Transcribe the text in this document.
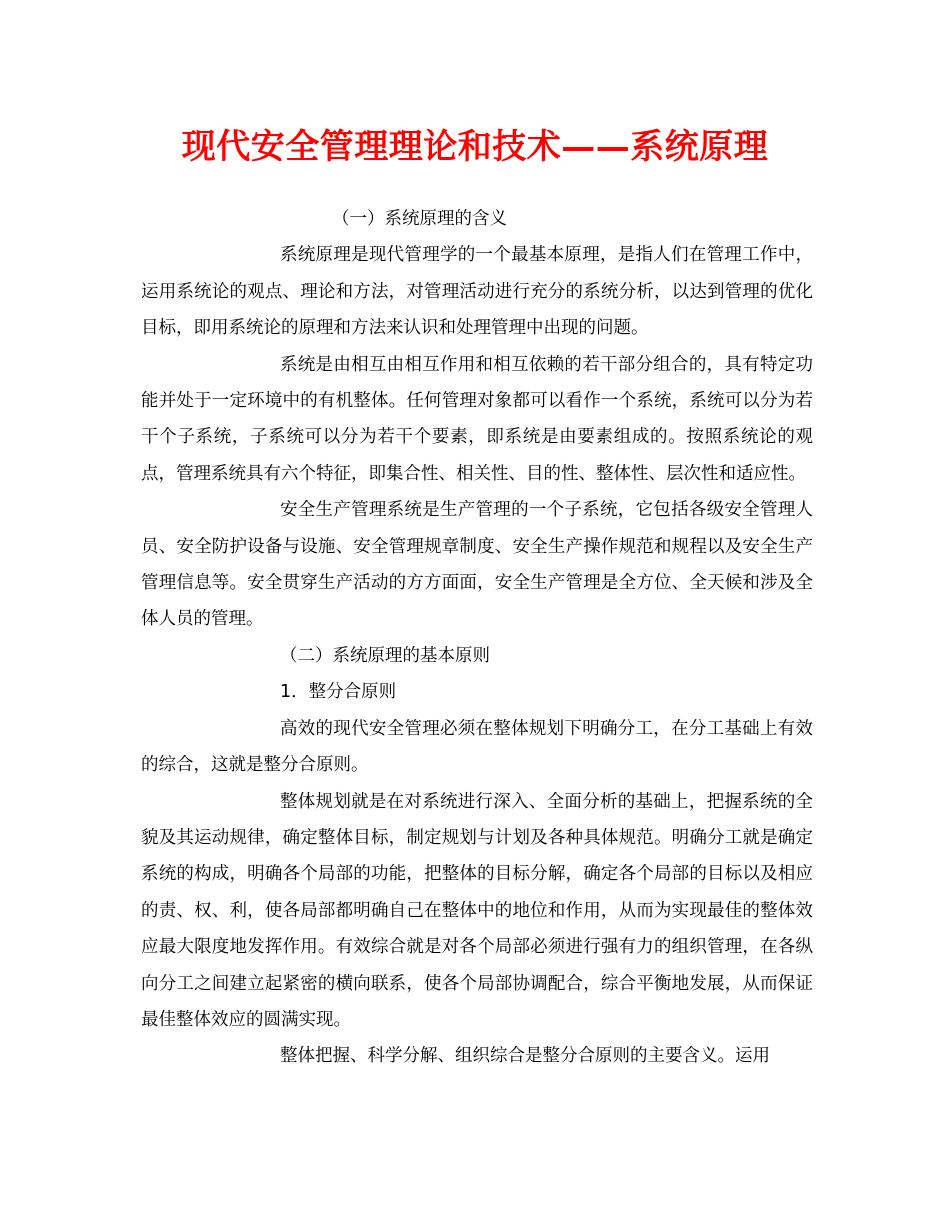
现代安全管理理论和技术——系统原理

（一）系统原理的含义

系统原理是现代管理学的一个最基本原理，是指人们在管理工作中，运用系统论的观点、理论和方法，对管理活动进行充分的系统分析，以达到管理的优化目标，即用系统论的原理和方法来认识和处理管理中出现的问题。

系统是由相互由相互作用和相互依赖的若干部分组合的，具有特定功能并处于一定环境中的有机整体。任何管理对象都可以看作一个系统，系统可以分为若干个子系统，子系统可以分为若干个要素，即系统是由要素组成的。按照系统论的观点，管理系统具有六个特征，即集合性、相关性、目的性、整体性、层次性和适应性。

安全生产管理系统是生产管理的一个子系统，它包括各级安全管理人员、安全防护设备与设施、安全管理规章制度、安全生产操作规范和规程以及安全生产管理信息等。安全贯穿生产活动的方方面面，安全生产管理是全方位、全天候和涉及全体人员的管理。

（二）系统原理的基本原则

1．整分合原则

高效的现代安全管理必须在整体规划下明确分工，在分工基础上有效的综合，这就是整分合原则。

整体规划就是在对系统进行深入、全面分析的基础上，把握系统的全貌及其运动规律，确定整体目标，制定规划与计划及各种具体规范。明确分工就是确定系统的构成，明确各个局部的功能，把整体的目标分解，确定各个局部的目标以及相应的责、权、利，使各局部都明确自己在整体中的地位和作用，从而为实现最佳的整体效应最大限度地发挥作用。有效综合就是对各个局部必须进行强有力的组织管理，在各纵向分工之间建立起紧密的横向联系，使各个局部协调配合，综合平衡地发展，从而保证最佳整体效应的圆满实现。

整体把握、科学分解、组织综合是整分合原则的主要含义。运用
